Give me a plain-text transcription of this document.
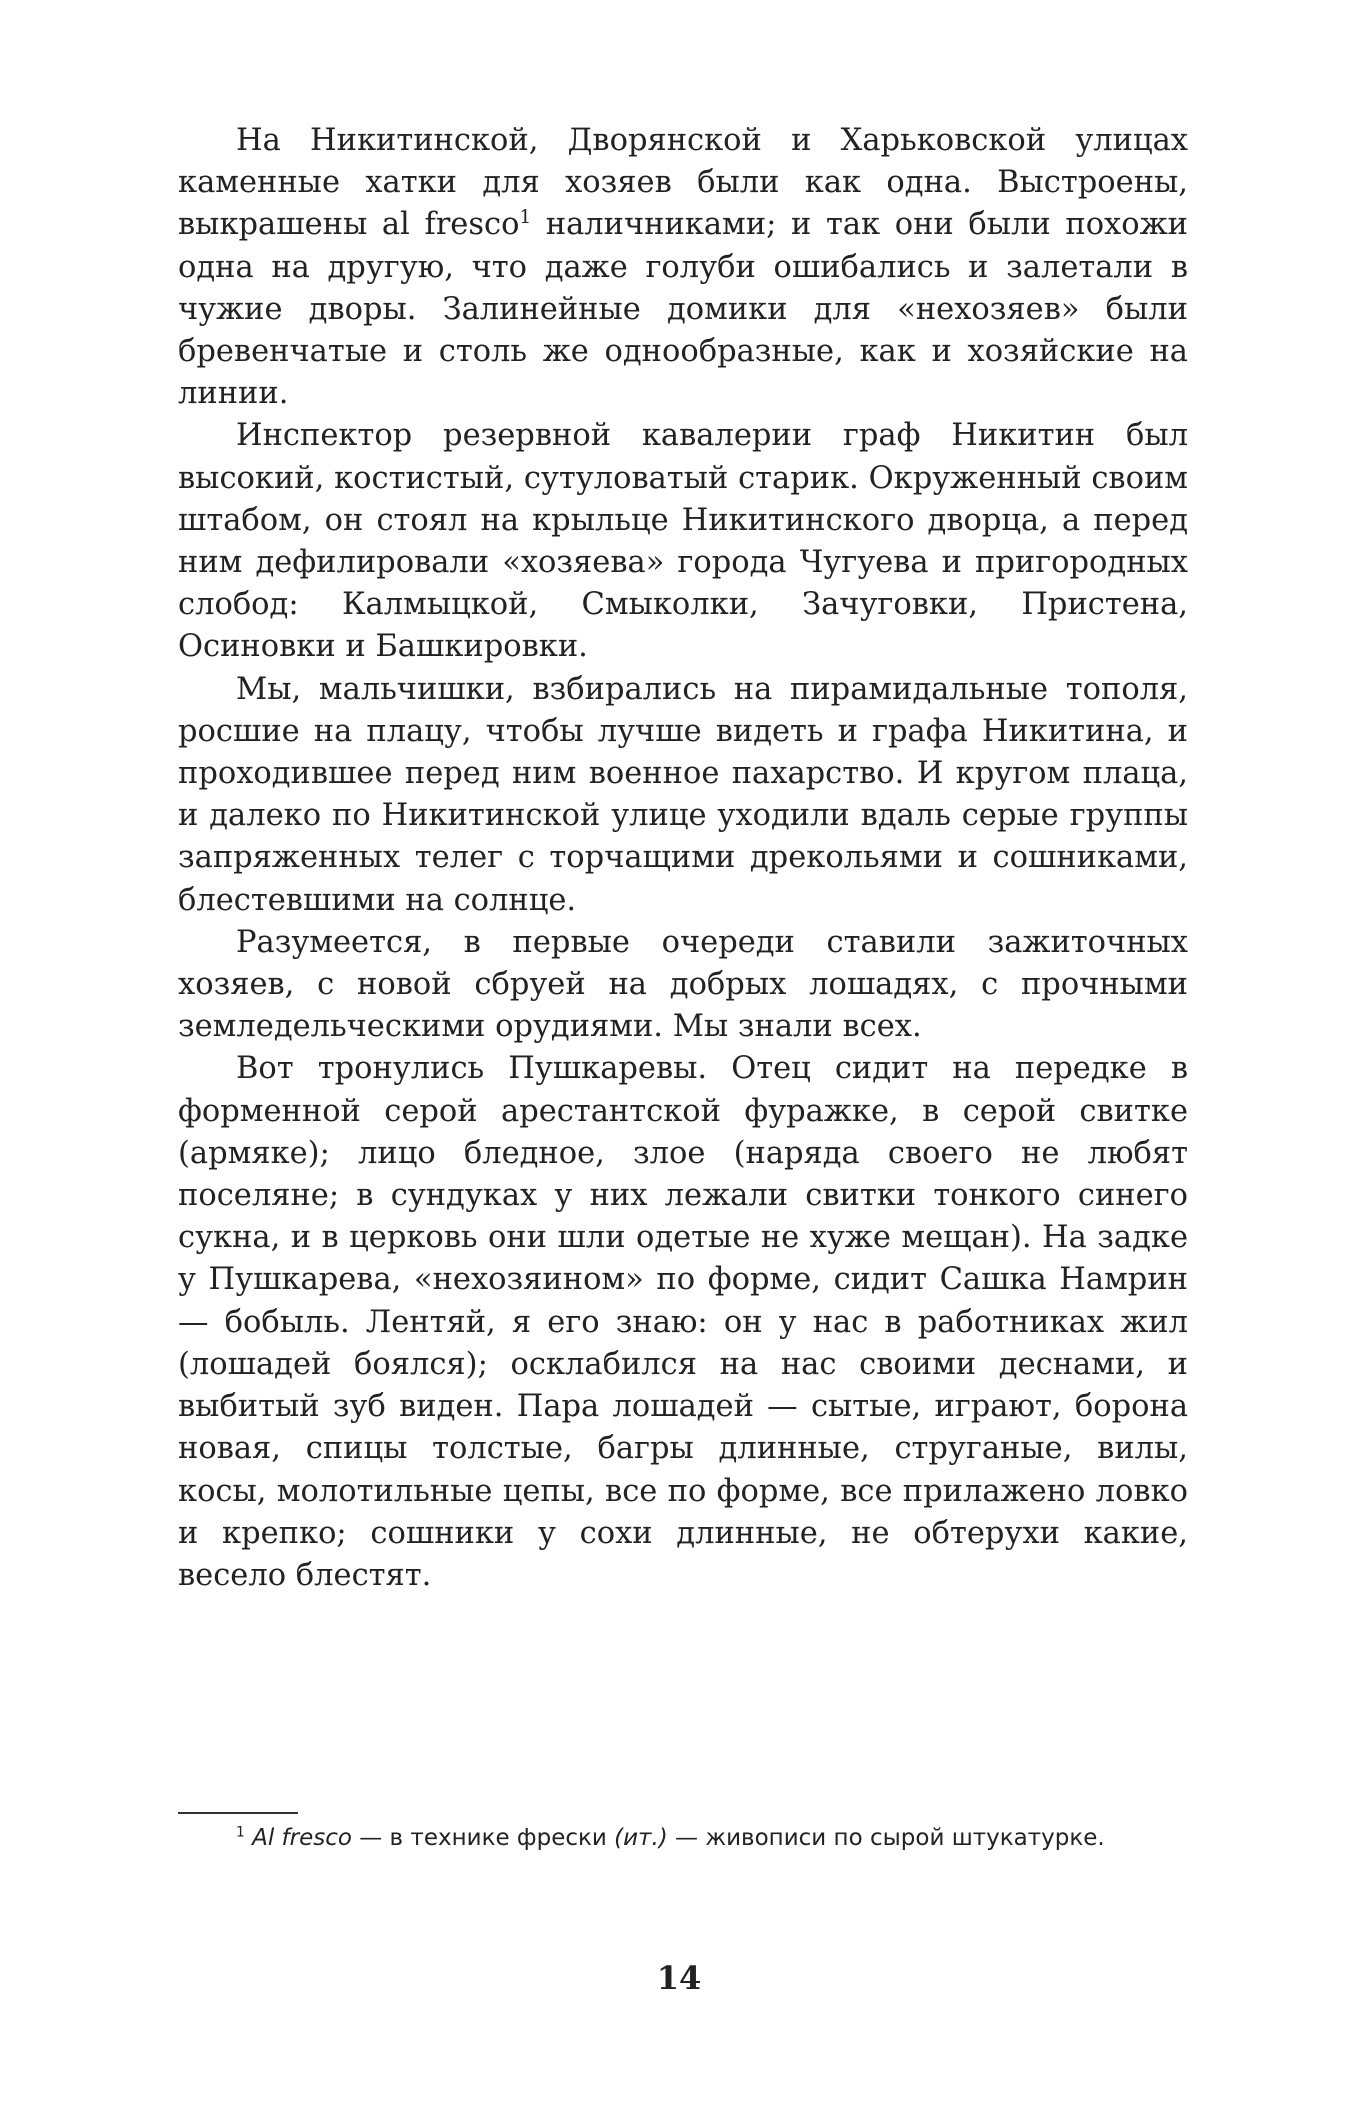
На Никитинской, Дворянской и Харьковской улицах каменные хатки для хозяев были как одна. Выстроены, выкрашены al fresco$^1$ наличниками; и так они были похожи одна на другую, что даже голуби ошибались и залетали в чужие дворы. Залинейные домики для «нехозяев» были бревенчатые и столь же однообразные, как и хозяйские на линии.

Инспектор резервной кавалерии граф Никитин был высокий, костистый, сутуловатый старик. Окруженный своим штабом, он стоял на крыльце Никитинского дворца, а перед ним дефилировали «хозяева» города Чугуева и пригородных слобод: Калмыцкой, Смыколки, Зачуговки, Пристена, Осиновки и Башкировки.

Мы, мальчишки, взбирались на пирамидальные тополя, росшие на плацу, чтобы лучше видеть и графа Никитина, и проходившее перед ним военное пахарство. И кругом плаца, и далеко по Никитинской улице уходили вдаль серые группы запряженных телег с торчащими дрекольями и сошниками, блестевшими на солнце.

Разумеется, в первые очереди ставили зажиточных хозяев, с новой сбруей на добрых лошадях, с прочными земледельческими орудиями. Мы знали всех.

Вот тронулись Пушкаревы. Отец сидит на передке в форменной серой арестантской фуражке, в серой свитке (армяке); лицо бледное, злое (наряда своего не любят поселяне; в сундуках у них лежали свитки тонкого синего сукна, и в церковь они шли одетые не хуже мещан). На задке у Пушкарева, «нехозяином» по форме, сидит Сашка Намрин — бобыль. Лентяй, я его знаю: он у нас в работниках жил (лошадей боялся); осклабился на нас своими деснами, и выбитый зуб виден. Пара лошадей — сытые, играют, борона новая, спицы толстые, багры длинные, струганые, вилы, косы, молотильные цепы, все по форме, все прилажено ловко и крепко; сошники у сохи длинные, не обтерухи какие, весело блестят.

$^1$ Al fresco — в технике фрески (ит.) — живописи по сырой штукатурке.

14
